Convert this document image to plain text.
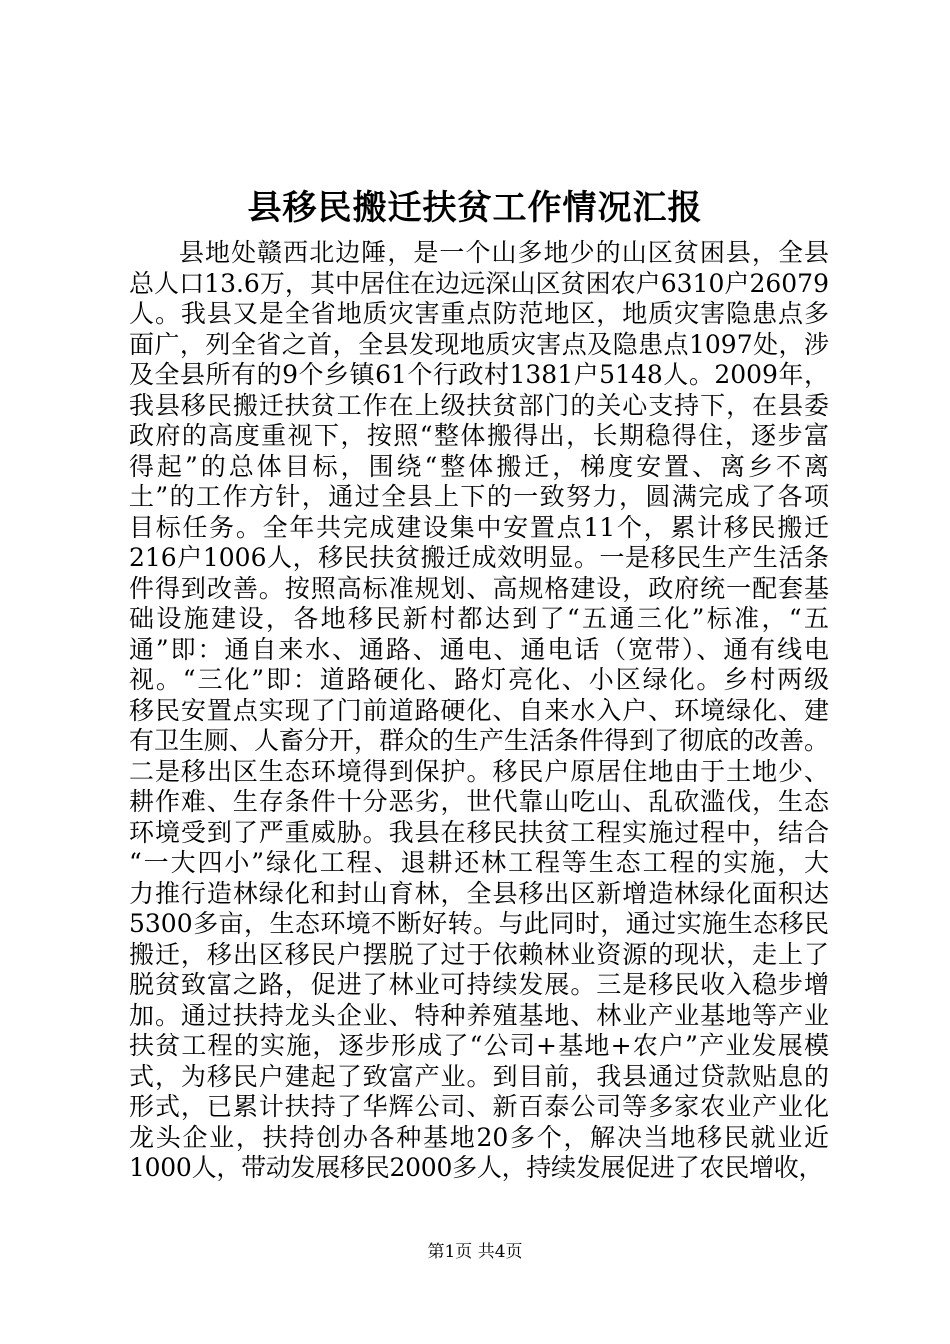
县移民搬迁扶贫工作情况汇报
县地处赣西北边陲，是一个山多地少的山区贫困县，全县
总人口13.6万，其中居住在边远深山区贫困农户6310户26079
人。我县又是全省地质灾害重点防范地区，地质灾害隐患点多
面广，列全省之首，全县发现地质灾害点及隐患点1097处，涉
及全县所有的9个乡镇61个行政村1381户5148人。2009年，
我县移民搬迁扶贫工作在上级扶贫部门的关心支持下，在县委
政府的高度重视下，按照“整体搬得出，长期稳得住，逐步富
得起”的总体目标，围绕“整体搬迁，梯度安置、离乡不离
土”的工作方针，通过全县上下的一致努力，圆满完成了各项
目标任务。全年共完成建设集中安置点11个，累计移民搬迁
216户1006人，移民扶贫搬迁成效明显。一是移民生产生活条
件得到改善。按照高标准规划、高规格建设，政府统一配套基
础设施建设，各地移民新村都达到了“五通三化”标准，“五
通”即：通自来水、通路、通电、通电话（宽带）、通有线电
视。“三化”即：道路硬化、路灯亮化、小区绿化。乡村两级
移民安置点实现了门前道路硬化、自来水入户、环境绿化、建
有卫生厕、人畜分开，群众的生产生活条件得到了彻底的改善。
二是移出区生态环境得到保护。移民户原居住地由于土地少、
耕作难、生存条件十分恶劣，世代靠山吃山、乱砍滥伐，生态
环境受到了严重威胁。我县在移民扶贫工程实施过程中，结合
“一大四小”绿化工程、退耕还林工程等生态工程的实施，大
力推行造林绿化和封山育林，全县移出区新增造林绿化面积达
5300多亩，生态环境不断好转。与此同时，通过实施生态移民
搬迁，移出区移民户摆脱了过于依赖林业资源的现状，走上了
脱贫致富之路，促进了林业可持续发展。三是移民收入稳步增
加。通过扶持龙头企业、特种养殖基地、林业产业基地等产业
扶贫工程的实施，逐步形成了“公司+基地+农户”产业发展模
式，为移民户建起了致富产业。到目前，我县通过贷款贴息的
形式，已累计扶持了华辉公司、新百泰公司等多家农业产业化
龙头企业，扶持创办各种基地20多个，解决当地移民就业近
1000人，带动发展移民2000多人，持续发展促进了农民增收，
第1页 共4页
